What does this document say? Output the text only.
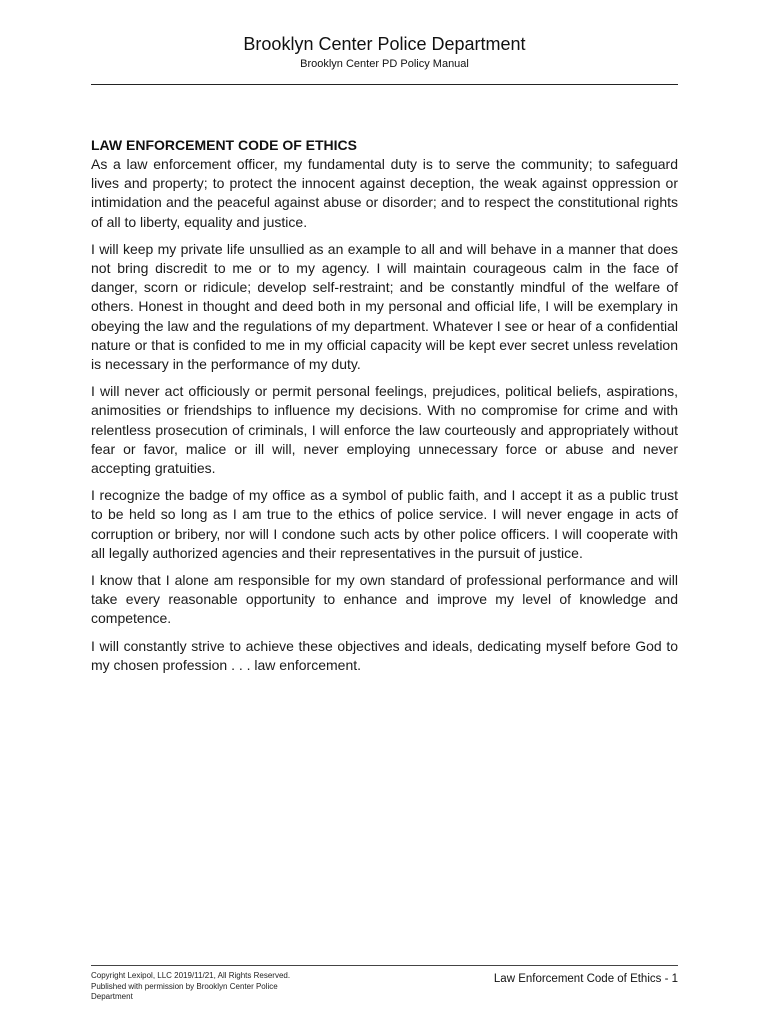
Brooklyn Center Police Department
Brooklyn Center PD Policy Manual
LAW ENFORCEMENT CODE OF ETHICS

As a law enforcement officer, my fundamental duty is to serve the community; to safeguard lives and property; to protect the innocent against deception, the weak against oppression or intimidation and the peaceful against abuse or disorder; and to respect the constitutional rights of all to liberty, equality and justice.

I will keep my private life unsullied as an example to all and will behave in a manner that does not bring discredit to me or to my agency. I will maintain courageous calm in the face of danger, scorn or ridicule; develop self-restraint; and be constantly mindful of the welfare of others. Honest in thought and deed both in my personal and official life, I will be exemplary in obeying the law and the regulations of my department. Whatever I see or hear of a confidential nature or that is confided to me in my official capacity will be kept ever secret unless revelation is necessary in the performance of my duty.

I will never act officiously or permit personal feelings, prejudices, political beliefs, aspirations, animosities or friendships to influence my decisions. With no compromise for crime and with relentless prosecution of criminals, I will enforce the law courteously and appropriately without fear or favor, malice or ill will, never employing unnecessary force or abuse and never accepting gratuities.

I recognize the badge of my office as a symbol of public faith, and I accept it as a public trust to be held so long as I am true to the ethics of police service. I will never engage in acts of corruption or bribery, nor will I condone such acts by other police officers. I will cooperate with all legally authorized agencies and their representatives in the pursuit of justice.

I know that I alone am responsible for my own standard of professional performance and will take every reasonable opportunity to enhance and improve my level of knowledge and competence.

I will constantly strive to achieve these objectives and ideals, dedicating myself before God to my chosen profession . . . law enforcement.

Copyright Lexipol, LLC 2019/11/21, All Rights Reserved.
Published with permission by Brooklyn Center Police Department
Law Enforcement Code of Ethics - 1
